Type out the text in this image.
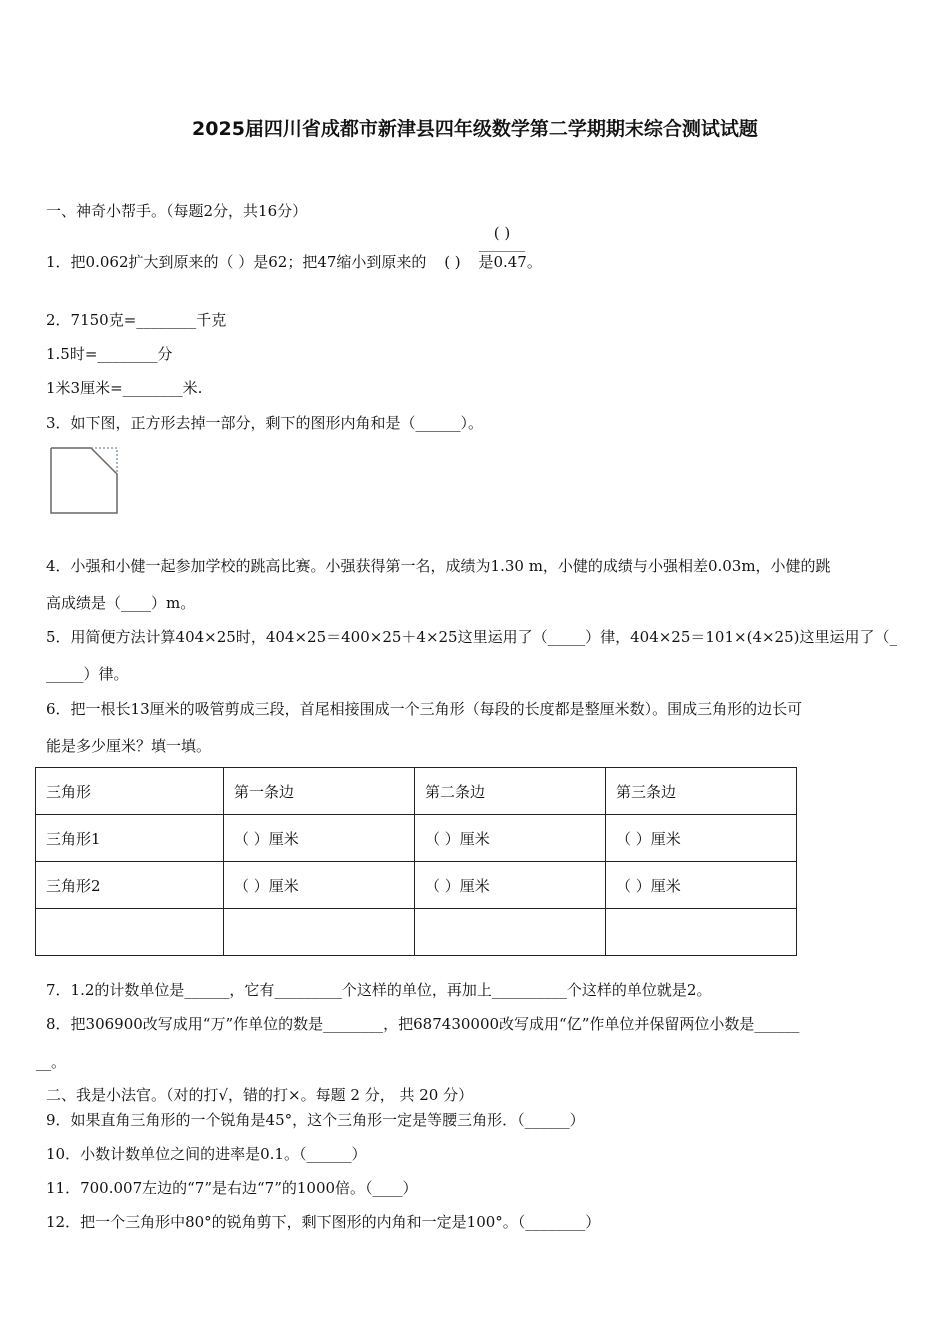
2025届四川省成都市新津县四年级数学第二学期期末综合测试试题
一、神奇小帮手。（每题2分，共16分）
1．把0.062扩大到原来的（ ）是62；把47缩小到原来的 ( ) 是0.47。
( )
2．7150克=________千克
1.5时=________分
1米3厘米=________米.
3．如下图，正方形去掉一部分，剩下的图形内角和是（______）。
4．小强和小健一起参加学校的跳高比赛。小强获得第一名，成绩为1.30 m，小健的成绩与小强相差0.03m，小健的跳
高成绩是（____）m。
5．用简便方法计算404×25时，404×25＝400×25＋4×25这里运用了（_____）律，404×25＝101×(4×25)这里运用了（_
_____）律。
6．把一根长13厘米的吸管剪成三段，首尾相接围成一个三角形（每段的长度都是整厘米数）。围成三角形的边长可
能是多少厘米？填一填。
三角形	第一条边	第二条边	第三条边
三角形1	（ ）厘米	（ ）厘米	（ ）厘米
三角形2	（ ）厘米	（ ）厘米	（ ）厘米

7．1.2的计数单位是______，它有_________个这样的单位，再加上__________个这样的单位就是2。
8．把306900改写成用“万”作单位的数是________，把687430000改写成用“亿”作单位并保留两位小数是______
__。
二、我是小法官。（对的打√，错的打×。每题 2 分， 共 20 分）
9．如果直角三角形的一个锐角是45°，这个三角形一定是等腰三角形．（______）
10．小数计数单位之间的进率是0.1。（______）
11．700.007左边的“7”是右边“7”的1000倍。（____）
12．把一个三角形中80°的锐角剪下，剩下图形的内角和一定是100°。（________）
